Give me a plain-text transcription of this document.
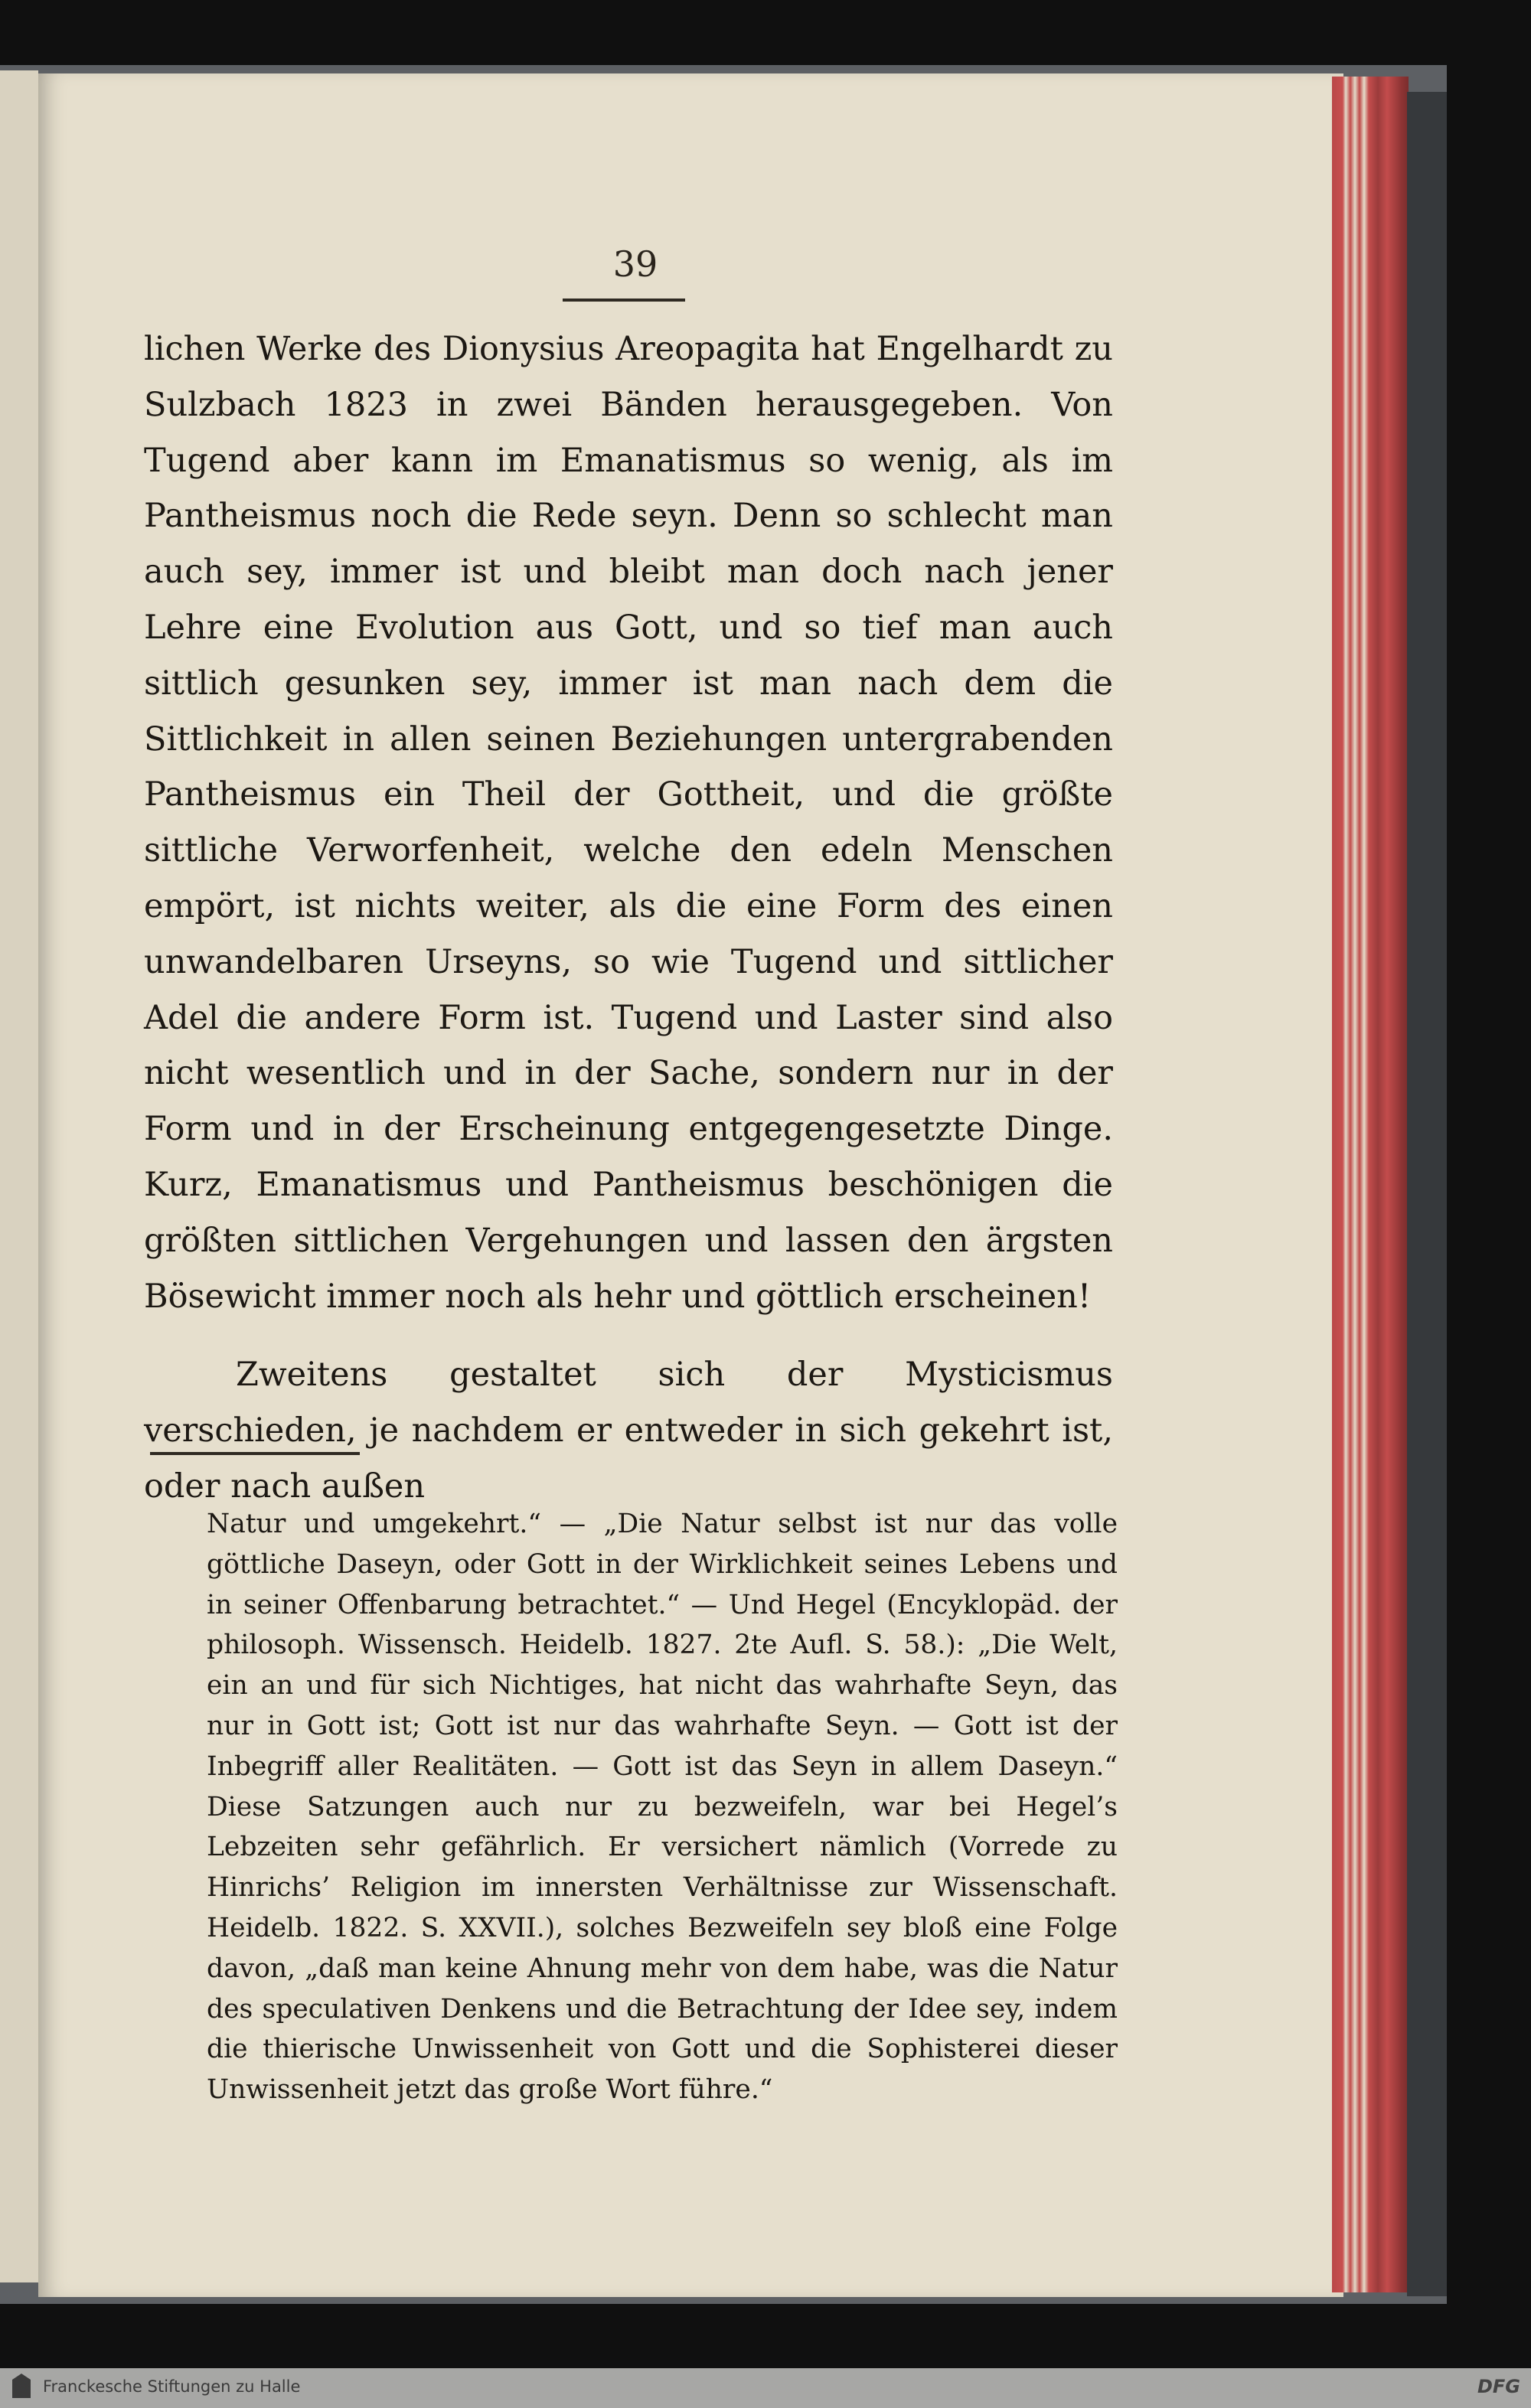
39

lichen Werke des Dionysius Areopagita hat Engelhardt zu Sulzbach 1823 in zwei Bänden herausgegeben. Von Tugend aber kann im Emanatismus so wenig, als im Pantheismus noch die Rede seyn. Denn so schlecht man auch sey, immer ist und bleibt man doch nach jener Lehre eine Evolution aus Gott, und so tief man auch sittlich gesunken sey, immer ist man nach dem die Sittlichkeit in allen seinen Beziehungen untergrabenden Pantheismus ein Theil der Gottheit, und die größte sittliche Verworfenheit, welche den edeln Menschen empört, ist nichts weiter, als die eine Form des einen unwandelbaren Urseyns, so wie Tugend und sittlicher Adel die andere Form ist. Tugend und Laster sind also nicht wesentlich und in der Sache, sondern nur in der Form und in der Erscheinung entgegengesetzte Dinge. Kurz, Emanatismus und Pantheismus beschönigen die größten sittlichen Vergehungen und lassen den ärgsten Bösewicht immer noch als hehr und göttlich erscheinen!

Zweitens gestaltet sich der Mysticismus verschieden, je nachdem er entweder in sich gekehrt ist, oder nach außen

Natur und umgekehrt.“ — „Die Natur selbst ist nur das volle göttliche Daseyn, oder Gott in der Wirklichkeit seines Lebens und in seiner Offenbarung betrachtet.“ — Und Hegel (Encyklopäd. der philosoph. Wissensch. Heidelb. 1827. 2te Aufl. S. 58.): „Die Welt, ein an und für sich Nichtiges, hat nicht das wahrhafte Seyn, das nur in Gott ist; Gott ist nur das wahrhafte Seyn. — Gott ist der Inbegriff aller Realitäten. — Gott ist das Seyn in allem Daseyn.“ Diese Satzungen auch nur zu bezweifeln, war bei Hegel’s Lebzeiten sehr gefährlich. Er versichert nämlich (Vorrede zu Hinrichs’ Religion im innersten Verhältnisse zur Wissenschaft. Heidelb. 1822. S. XXVII.), solches Bezweifeln sey bloß eine Folge davon, „daß man keine Ahnung mehr von dem habe, was die Natur des speculativen Denkens und die Betrachtung der Idee sey, indem die thierische Unwissenheit von Gott und die Sophisterei dieser Unwissenheit jetzt das große Wort führe.“

Franckesche Stiftungen zu Halle	DFG
